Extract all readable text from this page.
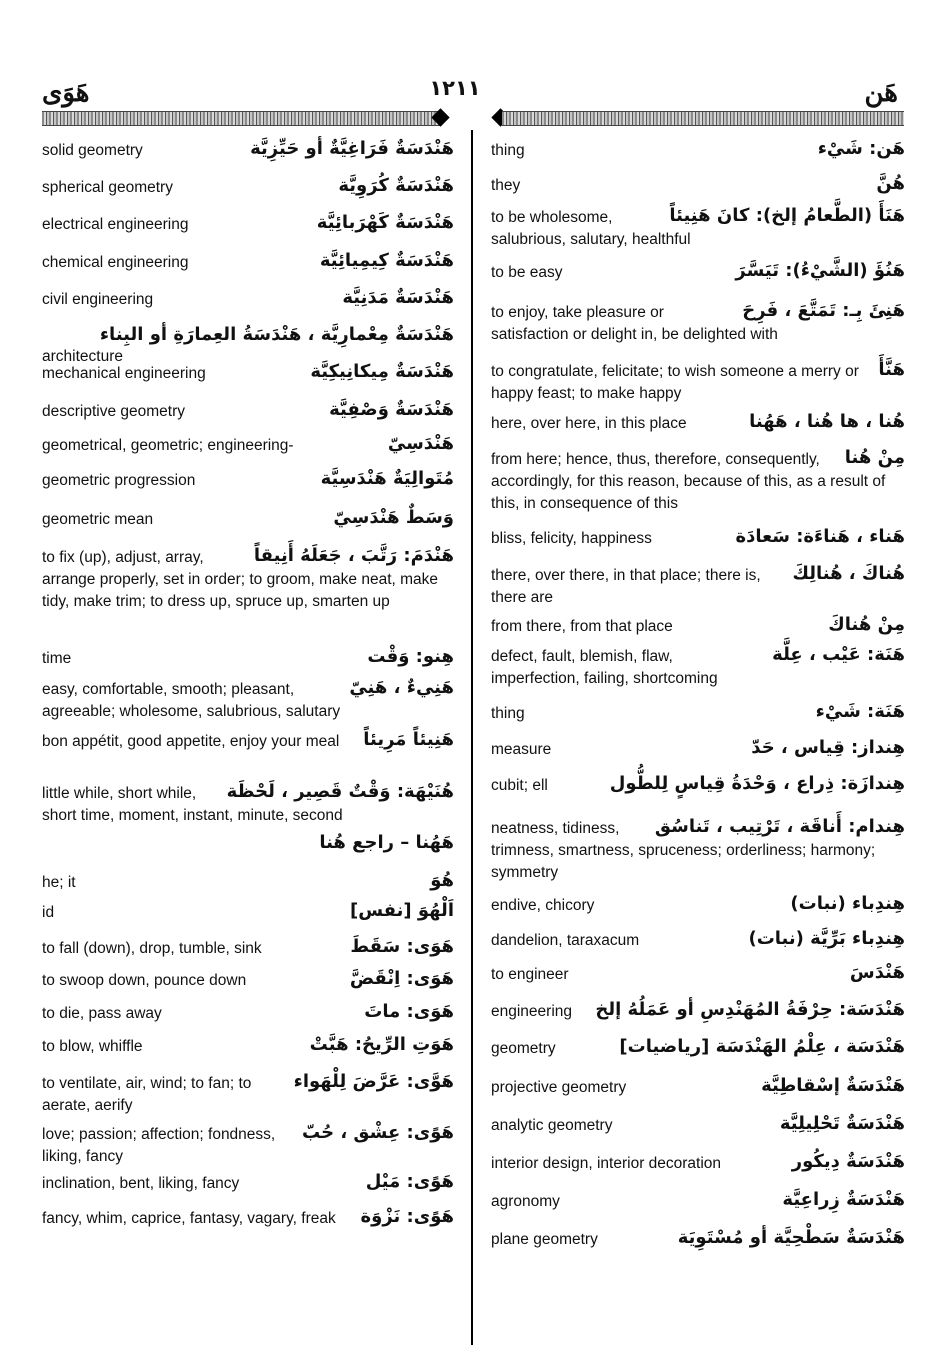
هَوَى	١٢١١	هَن
هَنْدَسَةٌ فَرَاغِيَّةٌ أو حَيِّزِيَّة
solid geometry
هَنْدَسَةٌ كُرَوِيَّة
spherical geometry
هَنْدَسَةٌ كَهْرَبائِيَّة
electrical engineering
هَنْدَسَةٌ كِيمِيائِيَّة
chemical engineering
هَنْدَسَةٌ مَدَنِيَّة
civil engineering
هَنْدَسَةٌ مِعْمارِيَّة ، هَنْدَسَةُ العِمارَةِ أو البِناء
architecture
هَنْدَسَةٌ مِيكانِيكِيَّة
mechanical engineering
هَنْدَسَةٌ وَصْفِيَّة
descriptive geometry
هَنْدَسِيّ
geometrical, geometric; engineering-
مُتَوالِيَةٌ هَنْدَسِيَّة
geometric progression
وَسَطٌ هَنْدَسِيّ
geometric mean
هَنْدَمَ: رَتَّبَ ، جَعَلَهُ أَنِيقاً
to fix (up), adjust, array, arrange properly, set in order; to groom, make neat, make tidy, make trim; to dress up, spruce up, smarten up
هِنو: وَقْت
time
هَنِيءٌ ، هَنِيّ
easy, comfortable, smooth; pleasant, agreeable; wholesome, salubrious, salutary
هَنِيئاً مَرِيئاً
bon appétit, good appetite, enjoy your meal
هُنَيْهَة: وَقْتٌ قَصِير ، لَحْظَة
little while, short while, short time, moment, instant, minute, second
هَهُنا – راجع هُنا
هُوَ
he; it
اَلْهُوَ [نفس]
id
هَوَى: سَقَطَ
to fall (down), drop, tumble, sink
هَوَى: اِنْقَضَّ
to swoop down, pounce down
هَوَى: ماتَ
to die, pass away
هَوَتِ الرِّيحُ: هَبَّتْ
to blow, whiffle
هَوَّى: عَرَّضَ لِلْهَواء
to ventilate, air, wind; to fan; to aerate, aerify
هَوًى: عِشْق ، حُبّ
love; passion; affection; fondness, liking, fancy
هَوًى: مَيْل
inclination, bent, liking, fancy
هَوًى: نَزْوَة
fancy, whim, caprice, fantasy, vagary, freak
هَن: شَيْء
thing
هُنَّ
they
هَنَأَ (الطَّعامُ إلخ): كانَ هَنِيئاً
to be wholesome, salubrious, salutary, healthful
هَنُؤَ (الشَّيْءُ): تَيَسَّرَ
to be easy
هَنِئَ بِـ: تَمَتَّعَ ، فَرِحَ
to enjoy, take pleasure or satisfaction or delight in, be delighted with
هَنَّأَ
to congratulate, felicitate; to wish someone a merry or happy feast; to make happy
هُنا ، ها هُنا ، هَهُنا
here, over here, in this place
مِنْ هُنا
from here; hence, thus, therefore, consequently, accordingly, for this reason, because of this, as a result of this, in consequence of this
هَناء ، هَناءَة: سَعادَة
bliss, felicity, happiness
هُناكَ ، هُنالِكَ
there, over there, in that place; there is, there are
مِنْ هُناكَ
from there, from that place
هَنَة: عَيْب ، عِلَّة
defect, fault, blemish, flaw, imperfection, failing, shortcoming
هَنَة: شَيْء
thing
هِنداز: قِياس ، حَدّ
measure
هِندازَة: ذِراع ، وَحْدَةُ قِياسٍ لِلطُّول
cubit; ell
هِندام: أَناقَة ، تَرْتِيب ، تَناسُق
neatness, tidiness, trimness, smartness, spruceness; orderliness; harmony; symmetry
هِندِباء (نبات)
endive, chicory
هِندِباء بَرِّيَّة (نبات)
dandelion, taraxacum
هَنْدَسَ
to engineer
هَنْدَسَة: حِرْفَةُ المُهَنْدِسِ أو عَمَلُهُ إلخ
engineering
هَنْدَسَة ، عِلْمُ الهَنْدَسَة [رياضيات]
geometry
هَنْدَسَةٌ إسْقاطِيَّة
projective geometry
هَنْدَسَةٌ تَحْلِيلِيَّة
analytic geometry
هَنْدَسَةٌ دِيكُور
interior design, interior decoration
هَنْدَسَةٌ زِراعِيَّة
agronomy
هَنْدَسَةٌ سَطْحِيَّة أو مُسْتَوِيَة
plane geometry
